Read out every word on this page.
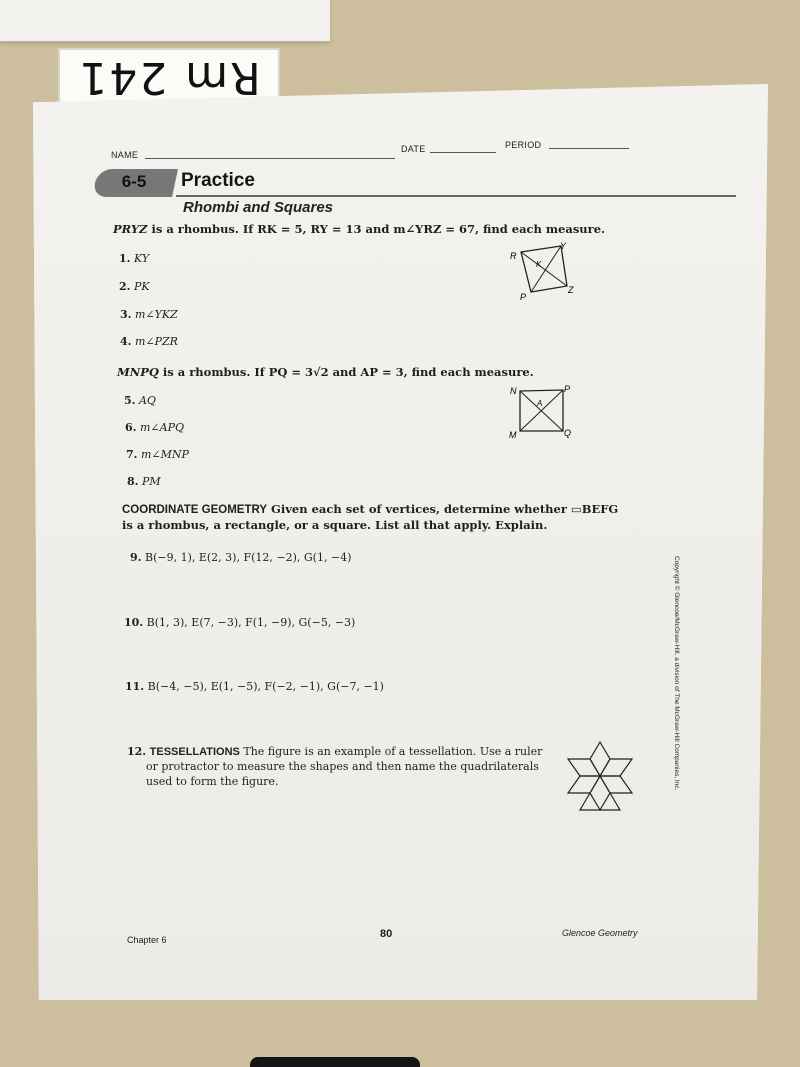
Rm 241
NAME
DATE	PERIOD
6-5	Practice
Rhombi and Squares
PRYZ is a rhombus. If RK = 5, RY = 13 and m∠YRZ = 67, find each measure.
1. KY
2. PK
3. m∠YKZ
4. m∠PZR
R
Y
K
P
Z
MNPQ is a rhombus. If PQ = 3√2 and AP = 3, find each measure.
5. AQ
6. m∠APQ
7. m∠MNP
8. PM
N	P
A
M	Q
COORDINATE GEOMETRY Given each set of vertices, determine whether ▭BEFG
is a rhombus, a rectangle, or a square. List all that apply. Explain.
9. B(−9, 1), E(2, 3), F(12, −2), G(1, −4)
10. B(1, 3), E(7, −3), F(1, −9), G(−5, −3)
11. B(−4, −5), E(1, −5), F(−2, −1), G(−7, −1)
12. TESSELLATIONS The figure is an example of a tessellation. Use a ruler
or protractor to measure the shapes and then name the quadrilaterals
used to form the figure.
Chapter 6	80	Glencoe Geometry
Copyright © Glencoe/McGraw-Hill, a division of The McGraw-Hill Companies, Inc.
